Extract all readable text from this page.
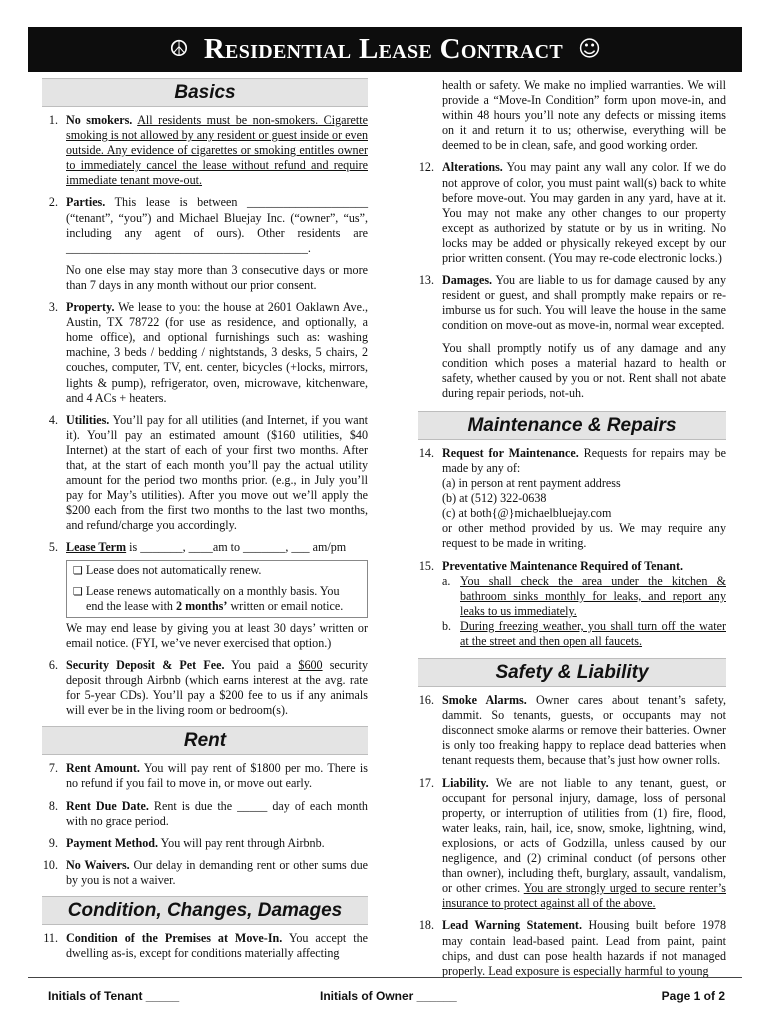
☮ Residential Lease Contract ☺
Basics
1. No smokers. All residents must be non-smokers. Cigarette smoking is not allowed by any resident or guest inside or even outside. Any evidence of cigarettes or smoking entitles owner to immediately cancel the lease without refund and require immediate tenant move-out.
2. Parties. This lease is between ____________________ (“tenant”, “you”) and Michael Bluejay Inc. (“owner”, “us”, including any agent of ours). Other residents are ________________________________________.

No one else may stay more than 3 consecutive days or more than 7 days in any month without our prior consent.

3. Property. We lease to you: the house at 2601 Oaklawn Ave., Austin, TX 78722 (for use as residence, and optionally, a home office), and optional furnishings such as: washing machine, 3 beds / bedding / nightstands, 3 desks, 5 chairs, 2 couches, computer, TV, ent. center, bicycles (+locks, mirrors, lights & pump), refrigerator, oven, microwave, kitchenware, and 4 ACs + heaters.
4. Utilities. You’ll pay for all utilities (and Internet, if you want it). You’ll pay an estimated amount ($160 utilities, $40 Internet) at the start of each of your first two months. After that, at the start of each month you’ll pay the actual utility amount for the period two months prior. (e.g., in July you’ll pay for May’s utilities). After you move out we’ll apply the $200 each from the first two months to the last two months, and refund/charge you accordingly.
5. Lease Term is _______, ____am to _______, ___ am/pm
❏ Lease does not automatically renew.
❏ Lease renews automatically on a monthly basis. You
end the lease with 2 months’ written or email notice.
We may end lease by giving you at least 30 days’ written or email notice. (FYI, we’ve never exercised that option.)
6. Security Deposit & Pet Fee. You paid a $600 security deposit through Airbnb (which earns interest at the avg. rate for 5-year CDs). You’ll pay a $200 fee to us if any animals will ever be in the living room or bedroom(s).
Rent
7. Rent Amount. You will pay rent of $1800 per mo. There is no refund if you fail to move in, or move out early.
8. Rent Due Date. Rent is due the _____ day of each month with no grace period.
9. Payment Method. You will pay rent through Airbnb.
10. No Waivers. Our delay in demanding rent or other sums due by you is not a waiver.
Condition, Changes, Damages
11. Condition of the Premises at Move-In. You accept the dwelling as-is, except for conditions materially affecting
health or safety. We make no implied warranties. We will provide a “Move-In Condition” form upon move-in, and within 48 hours you’ll note any defects or missing items on it and return it to us; otherwise, everything will be deemed to be in clean, safe, and good working order.
12. Alterations. You may paint any wall any color. If we do not approve of color, you must paint wall(s) back to white before move-out. You may garden in any yard, have at it. You may not make any other changes to our property except as authorized by statute or by us in writing. No locks may be added or physically rekeyed except by our prior written consent. (You may re-code electronic locks.)
13. Damages. You are liable to us for damage caused by any resident or guest, and shall promptly make repairs or re-imburse us for such. You will leave the house in the same condition on move-out as move-in, normal wear excepted.

You shall promptly notify us of any damage and any condition which poses a material hazard to health or safety, whether caused by you or not. Rent shall not abate during repair periods, not-uh.

Maintenance & Repairs
14. Request for Maintenance. Requests for repairs may be made by any of:
(a) in person at rent payment address
(b) at (512) 322-0638
(c) at both{@}michaelbluejay.com
or other method provided by us. We may require any request to be made in writing.
15. Preventative Maintenance Required of Tenant.
a. You shall check the area under the kitchen & bathroom sinks monthly for leaks, and report any leaks to us immediately.
b. During freezing weather, you shall turn off the water at the street and then open all faucets.
Safety & Liability
16. Smoke Alarms. Owner cares about tenant’s safety, dammit. So tenants, guests, or occupants may not disconnect smoke alarms or remove their batteries. Owner is only too freaking happy to replace dead batteries when tenant requests them, because that’s just how owner rolls.
17. Liability. We are not liable to any tenant, guest, or occupant for personal injury, damage, loss of personal property, or interruption of utilities from (1) fire, flood, water leaks, rain, hail, ice, snow, smoke, lightning, wind, explosions, or acts of Godzilla, unless caused by our negligence, and (2) criminal conduct (of persons other than owner), including theft, burglary, assault, vandalism, or other crimes. You are strongly urged to secure renter’s insurance to protect against all of the above.
18. Lead Warning Statement. Housing built before 1978 may contain lead-based paint. Lead from paint, paint chips, and dust can pose health hazards if not managed properly. Lead exposure is especially harmful to young
Initials of Tenant _____	Initials of Owner ______	Page 1 of 2
